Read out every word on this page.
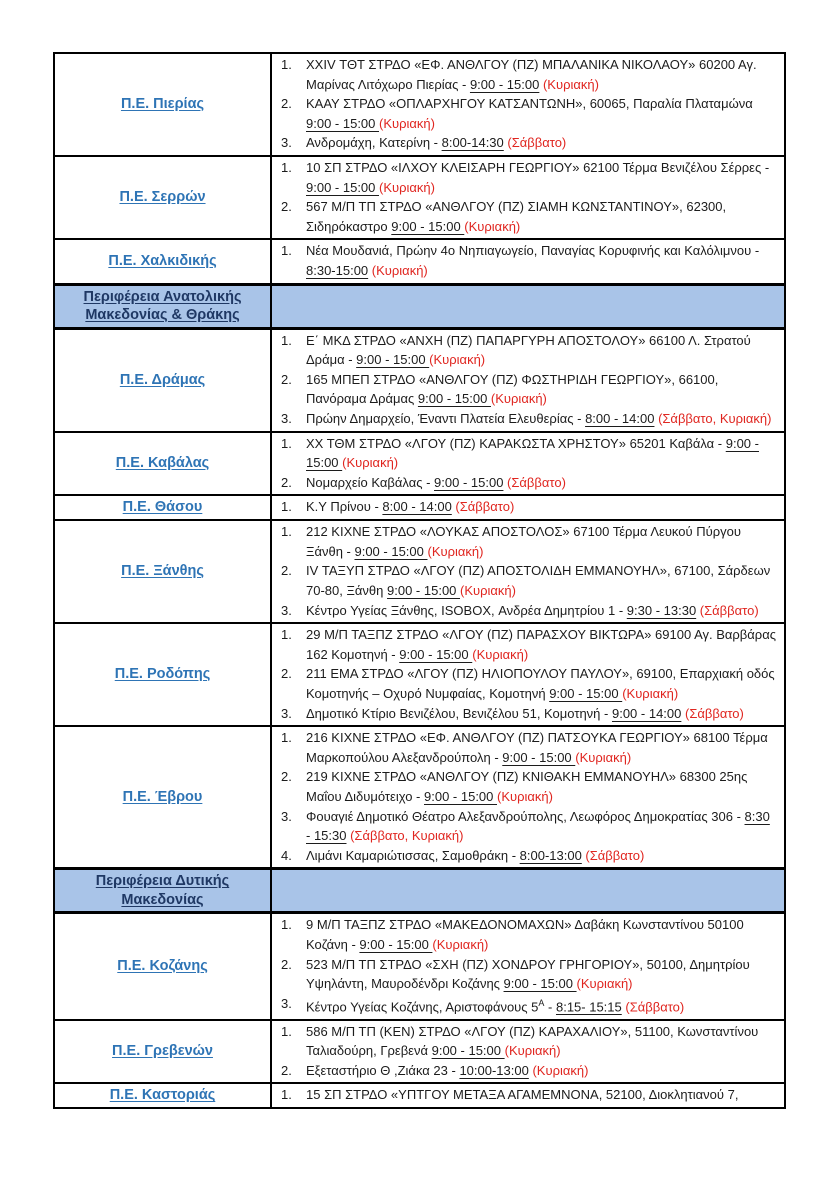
Π.Ε. Πιερίας	
1.	XXIV ΤΘΤ ΣΤΡΔΟ «ΕΦ. ΑΝΘΛΓΟΥ (ΠΖ) ΜΠΑΛΑΝΙΚΑ ΝΙΚΟΛΑΟΥ» 60200 Αγ. Μαρίνας Λιτόχωρο Πιερίας - 9:00 - 15:00 (Κυριακή)
2.	ΚΑΑΥ ΣΤΡΔΟ «ΟΠΛΑΡΧΗΓΟΥ ΚΑΤΣΑΝΤΩΝΗ», 60065, Παραλία Πλαταμώνα 9:00 - 15:00 (Κυριακή)
3.	Ανδρομάχη, Κατερίνη - 8:00-14:30 (Σάββατο)

Π.Ε. Σερρών	1. 10 ΣΠ ΣΤΡΔΟ «ΙΛΧΟΥ ΚΛΕΙΣΑΡΗ ΓΕΩΡΓΙΟΥ» 62100 Τέρμα Βενιζέλου Σέρρες - 9:00 - 15:00 (Κυριακή)
2. 567 Μ/Π ΤΠ ΣΤΡΔΟ «ΑΝΘΛΓΟΥ (ΠΖ) ΣΙΑΜΗ ΚΩΝΣΤΑΝΤΙΝΟΥ», 62300, Σιδηρόκαστρο 9:00 - 15:00 (Κυριακή)

Π.Ε. Χαλκιδικής	1. Νέα Μουδανιά, Πρώην 4ο Νηπιαγωγείο, Παναγίας Κορυφινής και Καλόλιμνου - 8:30-15:00 (Κυριακή)

Περιφέρεια Ανατολικής
Μακεδονίας & Θράκης	
Π.Ε. Δράμας	
1.	Ε΄ ΜΚΔ ΣΤΡΔΟ «ΑΝΧΗ (ΠΖ) ΠΑΠΑΡΓΥΡΗ ΑΠΟΣΤΟΛΟΥ» 66100 Λ. Στρατού Δράμα - 9:00 - 15:00 (Κυριακή)
2.	165 ΜΠΕΠ ΣΤΡΔΟ «ΑΝΘΛΓΟΥ (ΠΖ) ΦΩΣΤΗΡΙΔΗ ΓΕΩΡΓΙΟΥ», 66100, Πανόραμα Δράμας 9:00 - 15:00 (Κυριακή)
3.	Πρώην Δημαρχείο, Έναντι Πλατεία Ελευθερίας - 8:00 - 14:00 (Σάββατο, Κυριακή)

Π.Ε. Καβάλας	1. ΧΧ ΤΘΜ ΣΤΡΔΟ «ΛΓΟΥ (ΠΖ) ΚΑΡΑΚΩΣΤΑ ΧΡΗΣΤΟΥ» 65201 Καβάλα - 9:00 - 15:00 (Κυριακή)
2. Νομαρχείο Καβάλας - 9:00 - 15:00 (Σάββατο)

Π.Ε. Θάσου	1. Κ.Υ Πρίνου - 8:00 - 14:00 (Σάββατο)

Π.Ε. Ξάνθης	
1.	212 ΚΙΧΝΕ ΣΤΡΔΟ «ΛΟΥΚΑΣ ΑΠΟΣΤΟΛΟΣ» 67100 Τέρμα Λευκού Πύργου Ξάνθη - 9:00 - 15:00 (Κυριακή)
2.	IV ΤΑΞΥΠ ΣΤΡΔΟ «ΛΓΟΥ (ΠΖ) ΑΠΟΣΤΟΛΙΔΗ ΕΜΜΑΝΟΥΗΛ», 67100, Σάρδεων 70-80, Ξάνθη 9:00 - 15:00 (Κυριακή)
3.	Κέντρο Υγείας Ξάνθης, ISOBOX, Ανδρέα Δημητρίου 1 - 9:30 - 13:30 (Σάββατο)

Π.Ε. Ροδόπης	
1.	29 Μ/Π ΤΑΞΠΖ ΣΤΡΔΟ «ΛΓΟΥ (ΠΖ) ΠΑΡΑΣΧΟΥ ΒΙΚΤΩΡΑ» 69100 Αγ. Βαρβάρας 162 Κομοτηνή - 9:00 - 15:00 (Κυριακή)
2.	211 ΕΜΑ ΣΤΡΔΟ «ΛΓΟΥ (ΠΖ) ΗΛΙΟΠΟΥΛΟΥ ΠΑΥΛΟΥ», 69100, Επαρχιακή οδός Κομοτηνής – Οχυρό Νυμφαίας, Κομοτηνή 9:00 - 15:00 (Κυριακή)
3.	Δημοτικό Κτίριο Βενιζέλου, Βενιζέλου 51, Κομοτηνή - 9:00 - 14:00 (Σάββατο)

Π.Ε. Έβρου	
1.	216 ΚΙΧΝΕ ΣΤΡΔΟ «ΕΦ. ΑΝΘΛΓΟΥ (ΠΖ) ΠΑΤΣΟΥΚΑ ΓΕΩΡΓΙΟΥ» 68100 Τέρμα Μαρκοπούλου Αλεξανδρούπολη - 9:00 - 15:00 (Κυριακή)
2.	219 ΚΙΧΝΕ ΣΤΡΔΟ «ΑΝΘΛΓΟΥ (ΠΖ) ΚΝΙΘΑΚΗ ΕΜΜΑΝΟΥΗΛ» 68300 25ης Μαΐου Διδυμότειχο - 9:00 - 15:00 (Κυριακή)
3.	Φουαγιέ Δημοτικό Θέατρο Αλεξανδρούπολης, Λεωφόρος Δημοκρατίας 306 - 8:30 - 15:30 (Σάββατο, Κυριακή)
4.	Λιμάνι Καμαριώτισσας, Σαμοθράκη - 8:00-13:00 (Σάββατο)

Περιφέρεια Δυτικής
Μακεδονίας	
Π.Ε. Κοζάνης	
1.	9 Μ/Π ΤΑΞΠΖ ΣΤΡΔΟ «ΜΑΚΕΔΟΝΟΜΑΧΩΝ» Δαβάκη Κωνσταντίνου 50100 Κοζάνη - 9:00 - 15:00 (Κυριακή)
2.	523 Μ/Π ΤΠ ΣΤΡΔΟ «ΣΧΗ (ΠΖ) ΧΟΝΔΡΟΥ ΓΡΗΓΟΡΙΟΥ», 50100, Δημητρίου Υψηλάντη, Μαυροδένδρι Κοζάνης 9:00 - 15:00 (Κυριακή)
3.	Κέντρο Υγείας Κοζάνης, Αριστοφάνους $5^A$ - 8:15- 15:15 (Σάββατο)

Π.Ε. Γρεβενών	1. 586 Μ/Π ΤΠ (ΚΕΝ) ΣΤΡΔΟ «ΛΓΟΥ (ΠΖ) ΚΑΡΑΧΑΛΙΟΥ», 51100, Κωνσταντίνου Ταλιαδούρη, Γρεβενά 9:00 - 15:00 (Κυριακή)
2. Εξεταστήριο Θ ,Ζιάκα 23 - 10:00-13:00 (Κυριακή)

Π.Ε. Καστοριάς	1. 15 ΣΠ ΣΤΡΔΟ «ΥΠΤΓΟΥ ΜΕΤΑΞΑ ΑΓΑΜΕΜΝΟΝΑ, 52100, Διοκλητιανού 7,
